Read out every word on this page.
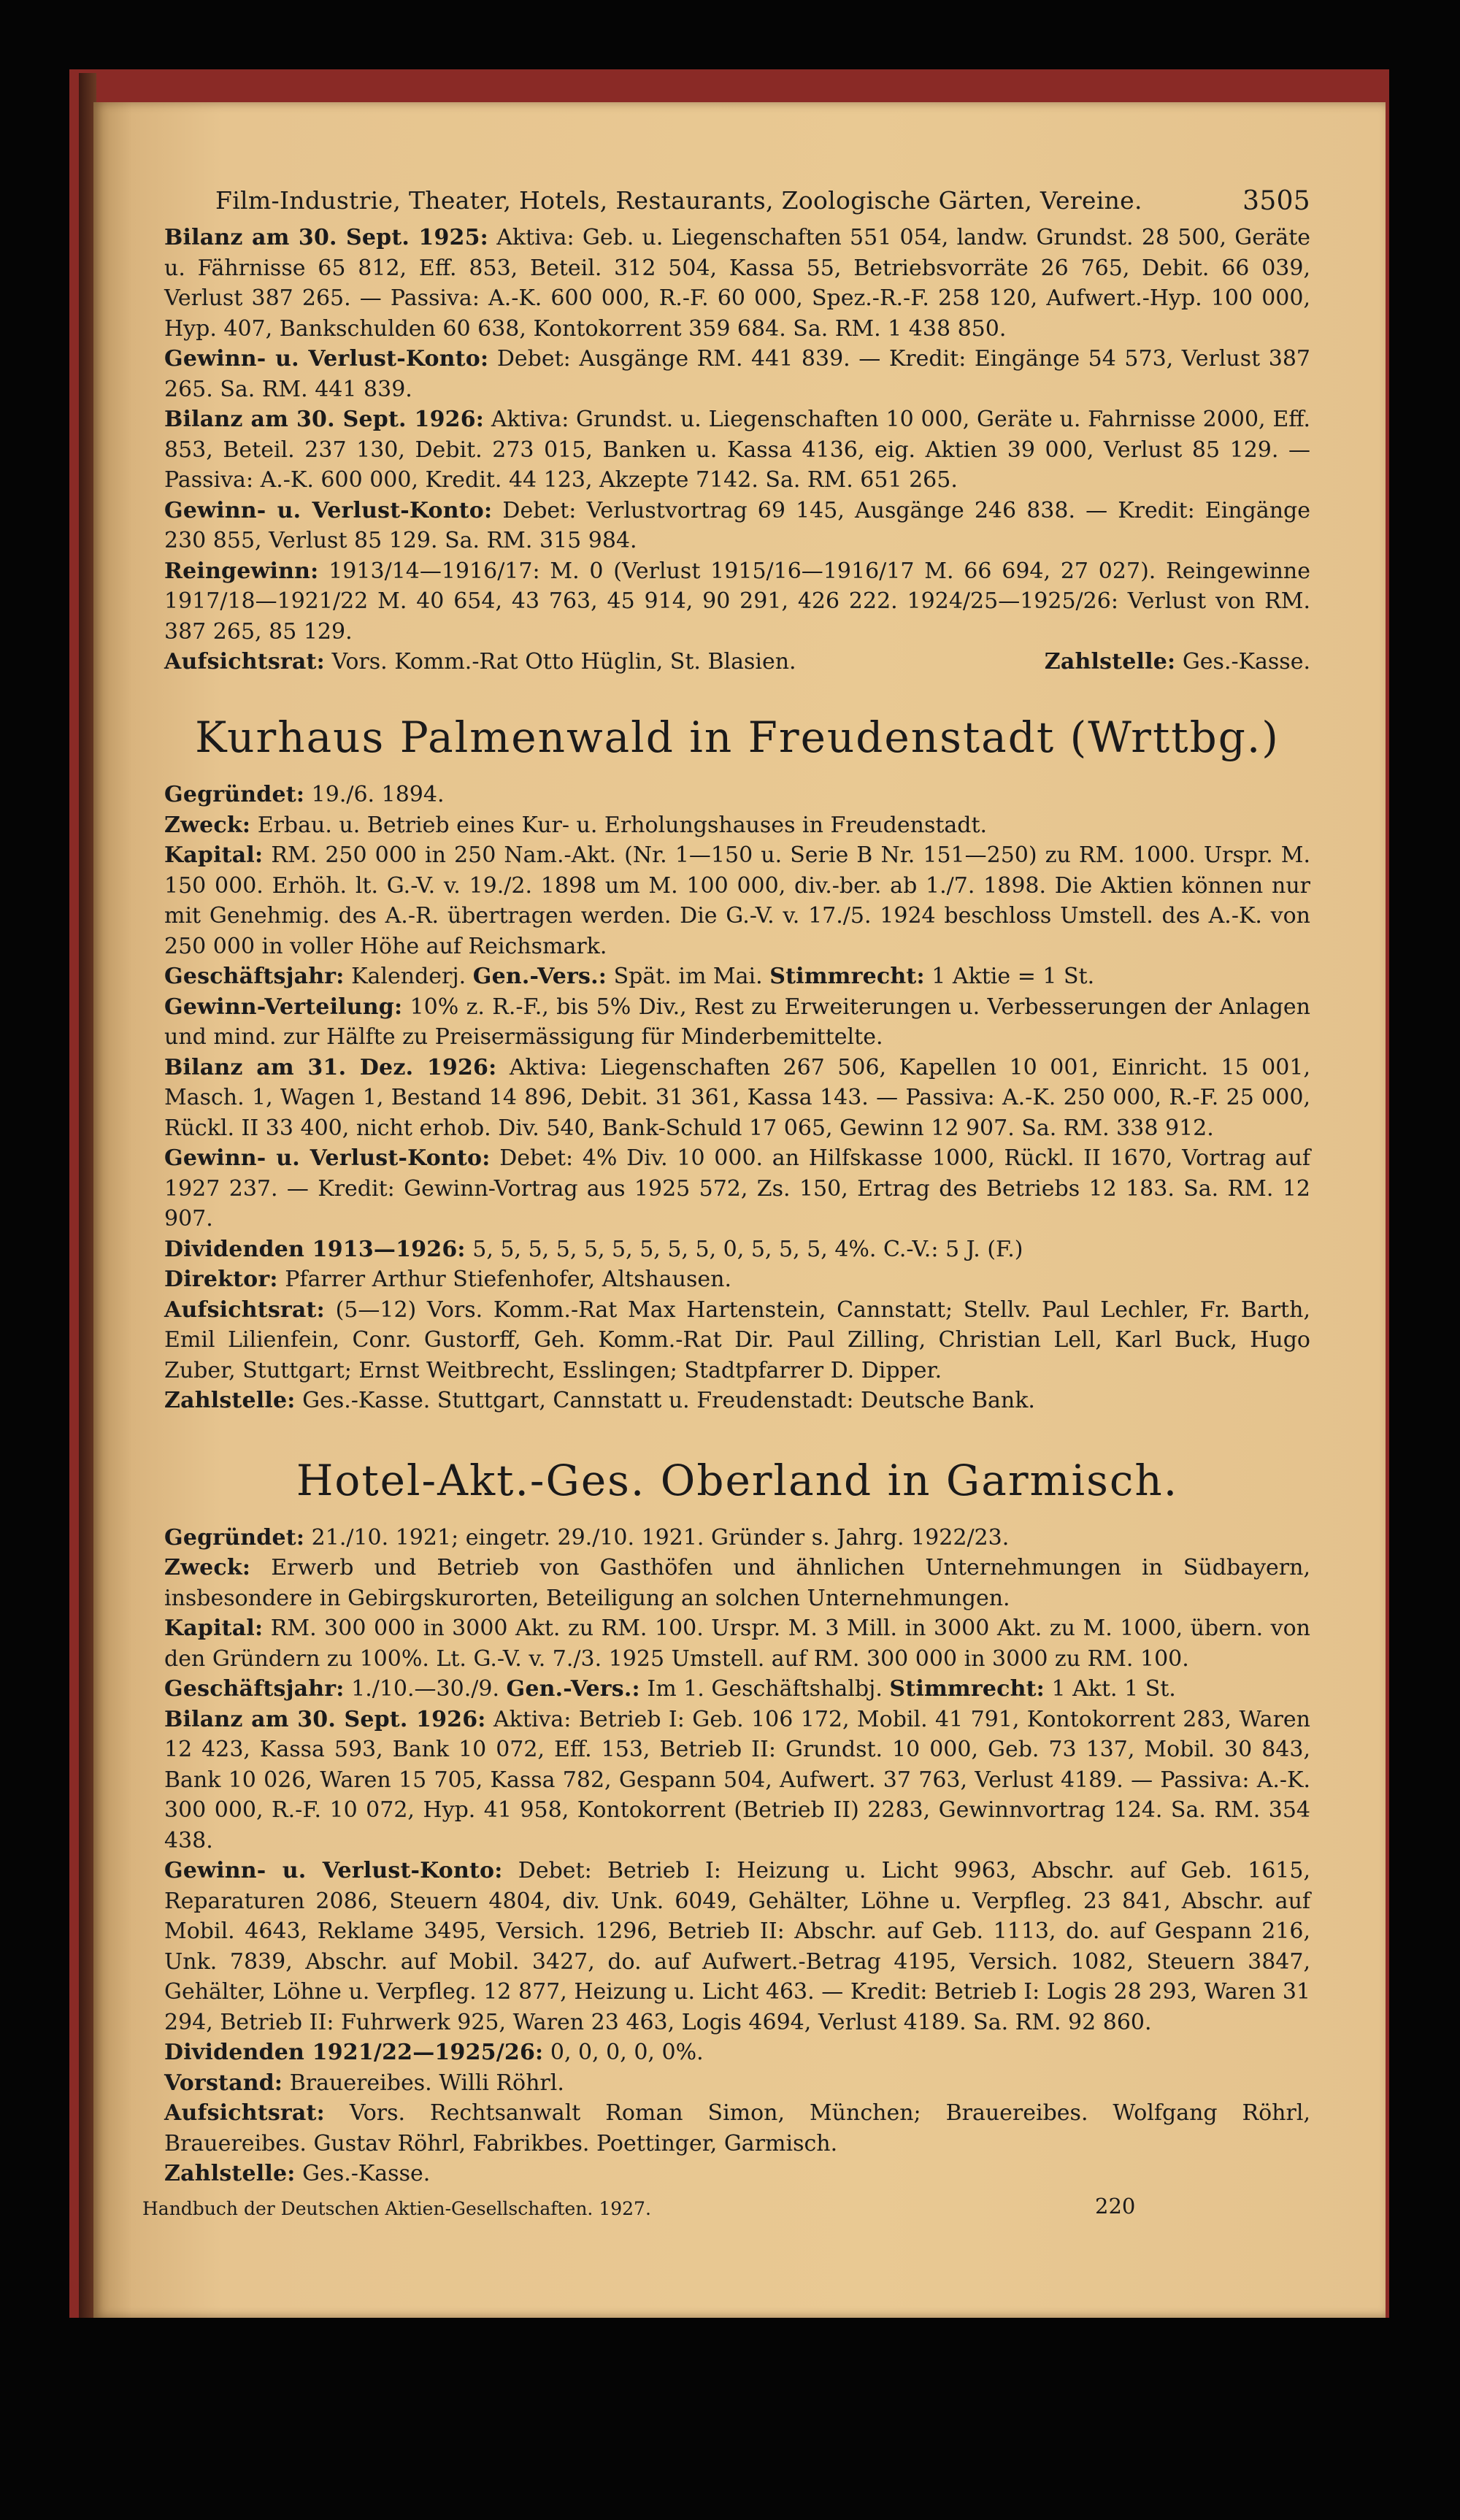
Film-Industrie, Theater, Hotels, Restaurants, Zoologische Gärten, Vereine.	3505

Bilanz am 30. Sept. 1925: Aktiva: Geb. u. Liegenschaften 551 054, landw. Grundst. 28 500, Geräte u. Fährnisse 65 812, Eff. 853, Beteil. 312 504, Kassa 55, Betriebsvorräte 26 765, Debit. 66 039, Verlust 387 265. — Passiva: A.-K. 600 000, R.-F. 60 000, Spez.-R.-F. 258 120, Aufwert.-Hyp. 100 000, Hyp. 407, Bankschulden 60 638, Kontokorrent 359 684. Sa. RM. 1 438 850.

Gewinn- u. Verlust-Konto: Debet: Ausgänge RM. 441 839. — Kredit: Eingänge 54 573, Verlust 387 265. Sa. RM. 441 839.

Bilanz am 30. Sept. 1926: Aktiva: Grundst. u. Liegenschaften 10 000, Geräte u. Fahrnisse 2000, Eff. 853, Beteil. 237 130, Debit. 273 015, Banken u. Kassa 4136, eig. Aktien 39 000, Verlust 85 129. — Passiva: A.-K. 600 000, Kredit. 44 123, Akzepte 7142. Sa. RM. 651 265.

Gewinn- u. Verlust-Konto: Debet: Verlustvortrag 69 145, Ausgänge 246 838. — Kredit: Eingänge 230 855, Verlust 85 129. Sa. RM. 315 984.

Reingewinn: 1913/14—1916/17: M. 0 (Verlust 1915/16—1916/17 M. 66 694, 27 027). Reingewinne 1917/18—1921/22 M. 40 654, 43 763, 45 914, 90 291, 426 222. 1924/25—1925/26: Verlust von RM. 387 265, 85 129.

Aufsichtsrat: Vors. Komm.-Rat Otto Hüglin, St. Blasien.	Zahlstelle: Ges.-Kasse.
Kurhaus Palmenwald in Freudenstadt (Wrttbg.)

Gegründet: 19./6. 1894.

Zweck: Erbau. u. Betrieb eines Kur- u. Erholungshauses in Freudenstadt.

Kapital: RM. 250 000 in 250 Nam.-Akt. (Nr. 1—150 u. Serie B Nr. 151—250) zu RM. 1000. Urspr. M. 150 000. Erhöh. lt. G.-V. v. 19./2. 1898 um M. 100 000, div.-ber. ab 1./7. 1898. Die Aktien können nur mit Genehmig. des A.-R. übertragen werden. Die G.-V. v. 17./5. 1924 beschloss Umstell. des A.-K. von 250 000 in voller Höhe auf Reichsmark.

Geschäftsjahr: Kalenderj. Gen.-Vers.: Spät. im Mai. Stimmrecht: 1 Aktie = 1 St.

Gewinn-Verteilung: 10% z. R.-F., bis 5% Div., Rest zu Erweiterungen u. Verbesserungen der Anlagen und mind. zur Hälfte zu Preisermässigung für Minderbemittelte.

Bilanz am 31. Dez. 1926: Aktiva: Liegenschaften 267 506, Kapellen 10 001, Einricht. 15 001, Masch. 1, Wagen 1, Bestand 14 896, Debit. 31 361, Kassa 143. — Passiva: A.-K. 250 000, R.-F. 25 000, Rückl. II 33 400, nicht erhob. Div. 540, Bank-Schuld 17 065, Gewinn 12 907. Sa. RM. 338 912.

Gewinn- u. Verlust-Konto: Debet: 4% Div. 10 000. an Hilfskasse 1000, Rückl. II 1670, Vortrag auf 1927 237. — Kredit: Gewinn-Vortrag aus 1925 572, Zs. 150, Ertrag des Betriebs 12 183. Sa. RM. 12 907.

Dividenden 1913—1926: 5, 5, 5, 5, 5, 5, 5, 5, 5, 0, 5, 5, 5, 4%. C.-V.: 5 J. (F.)

Direktor: Pfarrer Arthur Stiefenhofer, Altshausen.

Aufsichtsrat: (5—12) Vors. Komm.-Rat Max Hartenstein, Cannstatt; Stellv. Paul Lechler, Fr. Barth, Emil Lilienfein, Conr. Gustorff, Geh. Komm.-Rat Dir. Paul Zilling, Christian Lell, Karl Buck, Hugo Zuber, Stuttgart; Ernst Weitbrecht, Esslingen; Stadtpfarrer D. Dipper.

Zahlstelle: Ges.-Kasse. Stuttgart, Cannstatt u. Freudenstadt: Deutsche Bank.

Hotel-Akt.-Ges. Oberland in Garmisch.

Gegründet: 21./10. 1921; eingetr. 29./10. 1921. Gründer s. Jahrg. 1922/23.

Zweck: Erwerb und Betrieb von Gasthöfen und ähnlichen Unternehmungen in Südbayern, insbesondere in Gebirgskurorten, Beteiligung an solchen Unternehmungen.

Kapital: RM. 300 000 in 3000 Akt. zu RM. 100. Urspr. M. 3 Mill. in 3000 Akt. zu M. 1000, übern. von den Gründern zu 100%. Lt. G.-V. v. 7./3. 1925 Umstell. auf RM. 300 000 in 3000 zu RM. 100.

Geschäftsjahr: 1./10.—30./9. Gen.-Vers.: Im 1. Geschäftshalbj. Stimmrecht: 1 Akt. 1 St.

Bilanz am 30. Sept. 1926: Aktiva: Betrieb I: Geb. 106 172, Mobil. 41 791, Kontokorrent 283, Waren 12 423, Kassa 593, Bank 10 072, Eff. 153, Betrieb II: Grundst. 10 000, Geb. 73 137, Mobil. 30 843, Bank 10 026, Waren 15 705, Kassa 782, Gespann 504, Aufwert. 37 763, Verlust 4189. — Passiva: A.-K. 300 000, R.-F. 10 072, Hyp. 41 958, Kontokorrent (Betrieb II) 2283, Gewinnvortrag 124. Sa. RM. 354 438.

Gewinn- u. Verlust-Konto: Debet: Betrieb I: Heizung u. Licht 9963, Abschr. auf Geb. 1615, Reparaturen 2086, Steuern 4804, div. Unk. 6049, Gehälter, Löhne u. Verpfleg. 23 841, Abschr. auf Mobil. 4643, Reklame 3495, Versich. 1296, Betrieb II: Abschr. auf Geb. 1113, do. auf Gespann 216, Unk. 7839, Abschr. auf Mobil. 3427, do. auf Aufwert.-Betrag 4195, Versich. 1082, Steuern 3847, Gehälter, Löhne u. Verpfleg. 12 877, Heizung u. Licht 463. — Kredit: Betrieb I: Logis 28 293, Waren 31 294, Betrieb II: Fuhrwerk 925, Waren 23 463, Logis 4694, Verlust 4189. Sa. RM. 92 860.

Dividenden 1921/22—1925/26: 0, 0, 0, 0, 0%.

Vorstand: Brauereibes. Willi Röhrl.

Aufsichtsrat: Vors. Rechtsanwalt Roman Simon, München; Brauereibes. Wolfgang Röhrl, Brauereibes. Gustav Röhrl, Fabrikbes. Poettinger, Garmisch.

Zahlstelle: Ges.-Kasse.

Handbuch der Deutschen Aktien-Gesellschaften. 1927.	220
